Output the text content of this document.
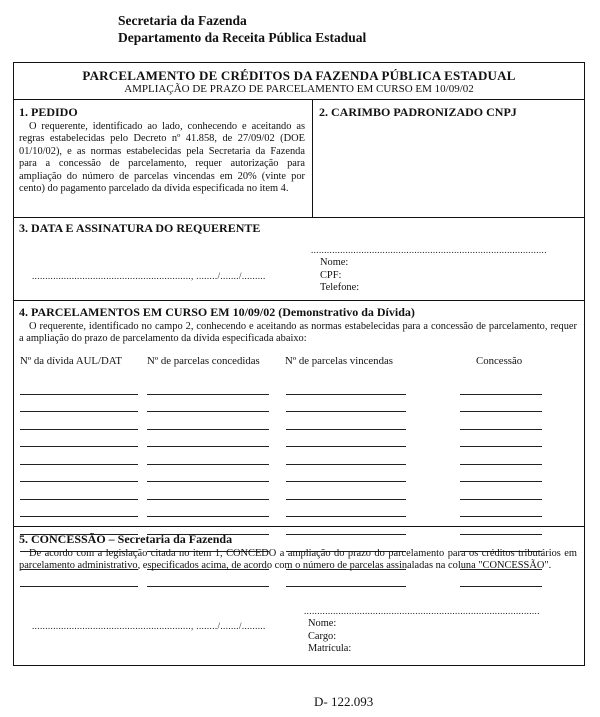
Secretaria da Fazenda
Departamento da Receita Pública Estadual
PARCELAMENTO DE CRÉDITOS DA FAZENDA PÚBLICA ESTADUAL
AMPLIAÇÃO DE PRAZO DE PARCELAMENTO EM CURSO EM 10/09/02
1. PEDIDO
O requerente, identificado ao lado, conhecendo e aceitando as regras estabelecidas pelo Decreto nº 41.858, de 27/09/02 (DOE 01/10/02), e as normas estabelecidas pela Secretaria da Fazenda para a concessão de parcelamento, requer autorização para ampliação do número de parcelas vincendas em 20% (vinte por cento) do pagamento parcelado da dívida especificada no item 4.
2. CARIMBO PADRONIZADO CNPJ
3. DATA E ASSINATURA DO REQUERENTE
.........................................................................................
............................................................, ......../......./.........
Nome:
CPF:
Telefone:
4. PARCELAMENTOS EM CURSO EM 10/09/02 (Demonstrativo da Dívida)
O requerente, identificado no campo 2, conhecendo e aceitando as normas estabelecidas para a concessão de parcelamento, requer a ampliação do prazo de parcelamento da dívida especificada abaixo:
Nº da dívida AUL/DAT Nº de parcelas concedidas Nº de parcelas vincendas	Concessão
5. CONCESSÃO – Secretaria da Fazenda
De acordo com a legislação citada no item 1, CONCEDO a ampliação do prazo do parcelamento para os créditos tributários em parcelamento administrativo, especificados acima, de acordo com o número de parcelas assinaladas na coluna "CONCESSÃO".
.........................................................................................
............................................................, ......../......./.........	Nome:
Cargo:
Matrícula:
D- 122.093
